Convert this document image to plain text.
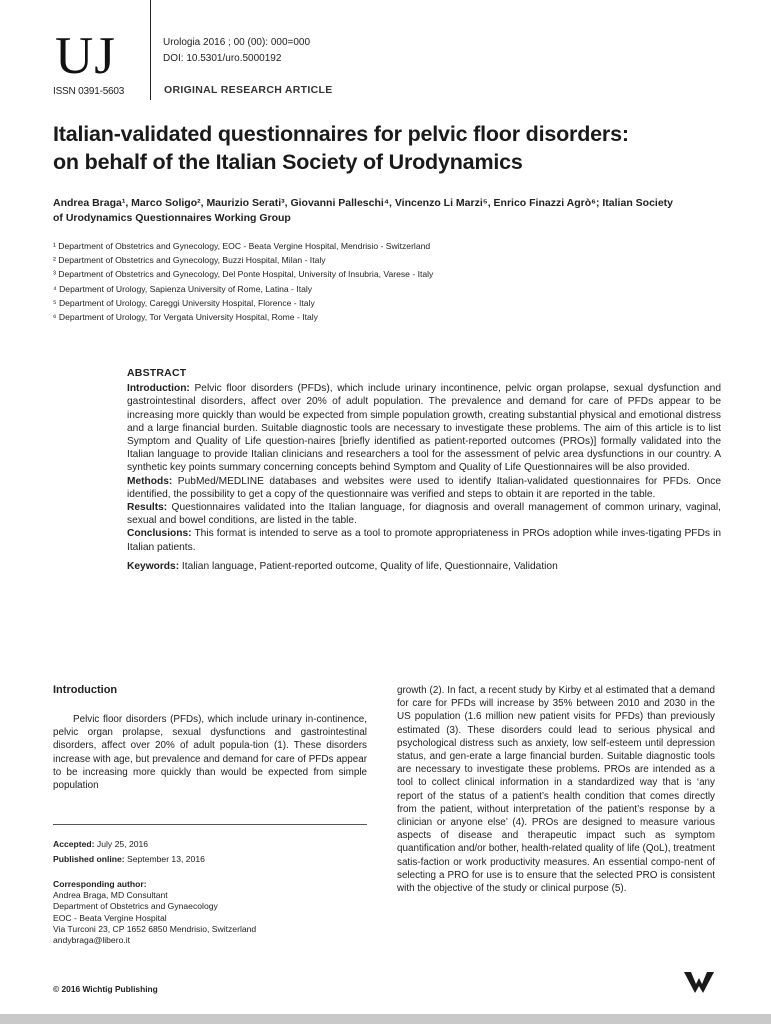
UJ
ISSN 0391-5603
Urologia 2016 ; 00 (00): 000=000
DOI: 10.5301/uro.5000192
ORIGINAL RESEARCH ARTICLE
Italian-validated questionnaires for pelvic floor disorders:
on behalf of the Italian Society of Urodynamics
Andrea Braga¹, Marco Soligo², Maurizio Serati³, Giovanni Palleschi⁴, Vincenzo Li Marzi⁵, Enrico Finazzi Agrò⁶; Italian Society
of Urodynamics Questionnaires Working Group
¹ Department of Obstetrics and Gynecology, EOC - Beata Vergine Hospital, Mendrisio - Switzerland
² Department of Obstetrics and Gynecology, Buzzi Hospital, Milan - Italy
³ Department of Obstetrics and Gynecology, Del Ponte Hospital, University of Insubria, Varese - Italy
⁴ Department of Urology, Sapienza University of Rome, Latina - Italy
⁵ Department of Urology, Careggi University Hospital, Florence - Italy
⁶ Department of Urology, Tor Vergata University Hospital, Rome - Italy
ABSTRACT

Introduction: Pelvic floor disorders (PFDs), which include urinary incontinence, pelvic organ prolapse, sexual dysfunction and gastrointestinal disorders, affect over 20% of adult population. The prevalence and demand for care of PFDs appear to be increasing more quickly than would be expected from simple population growth, creating substantial physical and emotional distress and a large financial burden. Suitable diagnostic tools are necessary to investigate these problems. The aim of this article is to list Symptom and Quality of Life question-naires [briefly identified as patient-reported outcomes (PROs)] formally validated into the Italian language to provide Italian clinicians and researchers a tool for the assessment of pelvic area dysfunctions in our country. A synthetic key points summary concerning concepts behind Symptom and Quality of Life Questionnaires will be also provided.

Methods: PubMed/MEDLINE databases and websites were used to identify Italian-validated questionnaires for PFDs. Once identified, the possibility to get a copy of the questionnaire was verified and steps to obtain it are reported in the table.

Results: Questionnaires validated into the Italian language, for diagnosis and overall management of common urinary, vaginal, sexual and bowel conditions, are listed in the table.

Conclusions: This format is intended to serve as a tool to promote appropriateness in PROs adoption while inves-tigating PFDs in Italian patients.

Keywords: Italian language, Patient-reported outcome, Quality of life, Questionnaire, Validation

Introduction
Pelvic floor disorders (PFDs), which include urinary in-continence, pelvic organ prolapse, sexual dysfunctions and gastrointestinal disorders, affect over 20% of adult popula-tion (1). These disorders increase with age, but prevalence and demand for care of PFDs appear to be increasing more quickly than would be expected from simple population
growth (2). In fact, a recent study by Kirby et al estimated that a demand for care for PFDs will increase by 35% between 2010 and 2030 in the US population (1.6 million new patient visits for PFDs) than previously estimated (3). These disorders could lead to serious physical and psychological distress such as anxiety, low self-esteem until depression status, and gen-erate a large financial burden. Suitable diagnostic tools are necessary to investigate these problems. PROs are intended as a tool to collect clinical information in a standardized way that is ‘any report of the status of a patient’s health condition that comes directly from the patient, without interpretation of the patient’s response by a clinician or anyone else’ (4). PROs are designed to measure various aspects of disease and therapeutic impact such as symptom quantification and/or bother, health-related quality of life (QoL), treatment satis-faction or work productivity measures. An essential compo-nent of selecting a PRO for use is to ensure that the selected PRO is consistent with the objective of the study or clinical purpose (5).
Accepted: July 25, 2016
Published online: September 13, 2016
Corresponding author:
Andrea Braga, MD Consultant
Department of Obstetrics and Gynaecology
EOC - Beata Vergine Hospital
Via Turconi 23, CP 1652 6850 Mendrisio, Switzerland
andybraga@libero.it
© 2016 Wichtig Publishing
